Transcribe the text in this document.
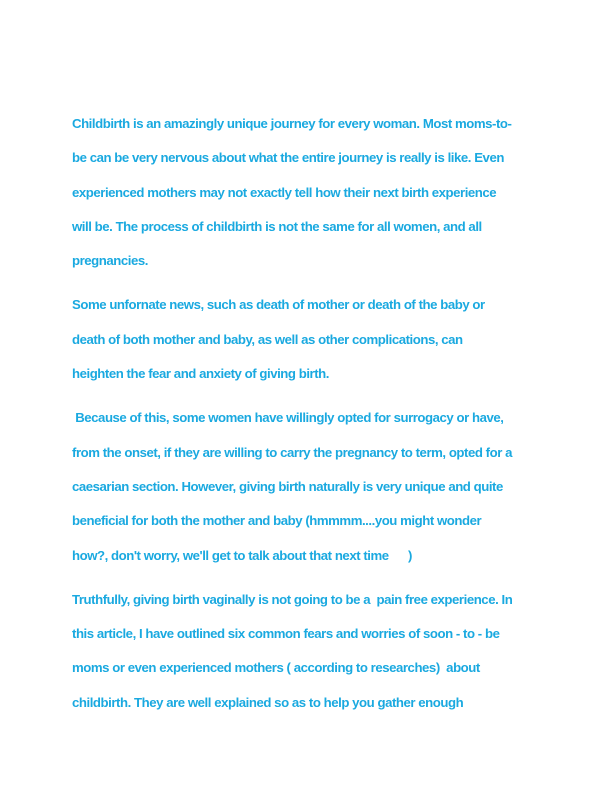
Childbirth is an amazingly unique journey for every woman. Most moms-to-
be can be very nervous about what the entire journey is really is like. Even
experienced mothers may not exactly tell how their next birth experience
will be. The process of childbirth is not the same for all women, and all
pregnancies.
Some unfornate news, such as death of mother or death of the baby or
death of both mother and baby, as well as other complications, can
heighten the fear and anxiety of giving birth.
Because of this, some women have willingly opted for surrogacy or have,
from the onset, if they are willing to carry the pregnancy to term, opted for a
caesarian section. However, giving birth naturally is very unique and quite
beneficial for both the mother and baby (hmmmm....you might wonder
how?, don't worry, we'll get to talk about that next time      )
Truthfully, giving birth vaginally is not going to be a  pain free experience. In
this article, I have outlined six common fears and worries of soon - to - be
moms or even experienced mothers ( according to researches)  about
childbirth. They are well explained so as to help you gather enough
